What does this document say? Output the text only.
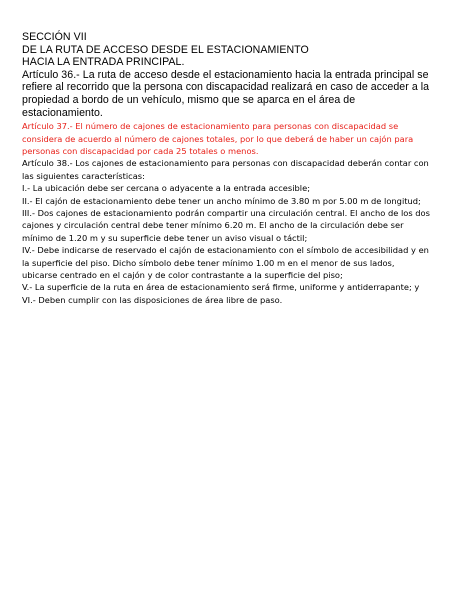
SECCIÓN VII

DE LA RUTA DE ACCESO DESDE EL ESTACIONAMIENTO

HACIA LA ENTRADA PRINCIPAL.

Artículo 36.- La ruta de acceso desde el estacionamiento hacia la entrada principal se refiere al recorrido que la persona con discapacidad realizará en caso de acceder a la propiedad a bordo de un vehículo, mismo que se aparca en el área de estacionamiento.

Artículo 37.- El número de cajones de estacionamiento para personas con discapacidad se considera de acuerdo al número de cajones totales, por lo que deberá de haber un cajón para personas con discapacidad por cada 25 totales o menos.

Artículo 38.- Los cajones de estacionamiento para personas con discapacidad deberán contar con las siguientes características:

I.- La ubicación debe ser cercana o adyacente a la entrada accesible;

II.- El cajón de estacionamiento debe tener un ancho mínimo de 3.80 m por 5.00 m de longitud;

III.- Dos cajones de estacionamiento podrán compartir una circulación central. El ancho de los dos cajones y circulación central debe tener mínimo 6.20 m. El ancho de la circulación debe ser mínimo de 1.20 m y su superficie debe tener un aviso visual o táctil;

IV.- Debe indicarse de reservado el cajón de estacionamiento con el símbolo de accesibilidad y en la superficie del piso. Dicho símbolo debe tener mínimo 1.00 m en el menor de sus lados, ubicarse centrado en el cajón y de color contrastante a la superficie del piso;

V.- La superficie de la ruta en área de estacionamiento será firme, uniforme y antiderrapante; y

VI.- Deben cumplir con las disposiciones de área libre de paso.
